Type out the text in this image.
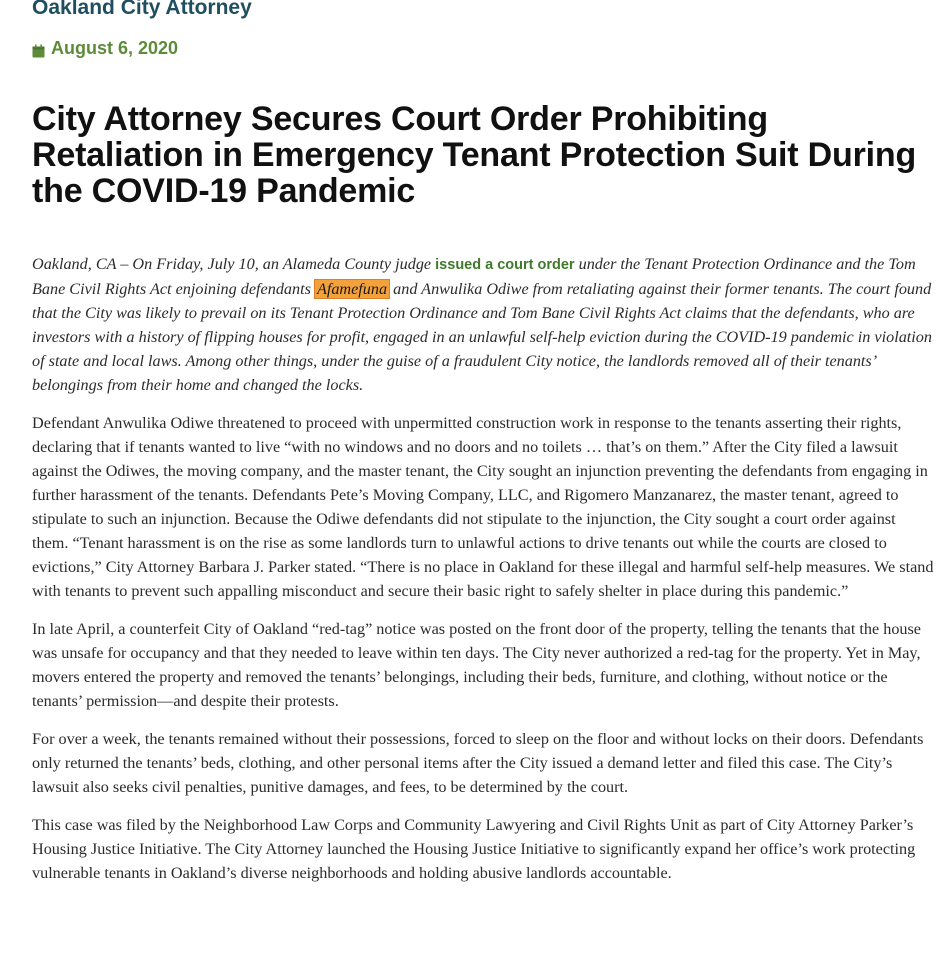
Oakland City Attorney
August 6, 2020
City Attorney Secures Court Order Prohibiting Retaliation in Emergency Tenant Protection Suit During the COVID-19 Pandemic

Oakland, CA – On Friday, July 10, an Alameda County judge issued a court order under the Tenant Protection Ordinance and the Tom Bane Civil Rights Act enjoining defendants Afamefuna and Anwulika Odiwe from retaliating against their former tenants. The court found that the City was likely to prevail on its Tenant Protection Ordinance and Tom Bane Civil Rights Act claims that the defendants, who are investors with a history of flipping houses for profit, engaged in an unlawful self-help eviction during the COVID-19 pandemic in violation of state and local laws. Among other things, under the guise of a fraudulent City notice, the landlords removed all of their tenants’ belongings from their home and changed the locks.

Defendant Anwulika Odiwe threatened to proceed with unpermitted construction work in response to the tenants asserting their rights, declaring that if tenants wanted to live “with no windows and no doors and no toilets … that’s on them.” After the City filed a lawsuit against the Odiwes, the moving company, and the master tenant, the City sought an injunction preventing the defendants from engaging in further harassment of the tenants. Defendants Pete’s Moving Company, LLC, and Rigomero Manzanarez, the master tenant, agreed to stipulate to such an injunction. Because the Odiwe defendants did not stipulate to the injunction, the City sought a court order against them. “Tenant harassment is on the rise as some landlords turn to unlawful actions to drive tenants out while the courts are closed to evictions,” City Attorney Barbara J. Parker stated. “There is no place in Oakland for these illegal and harmful self-help measures. We stand with tenants to prevent such appalling misconduct and secure their basic right to safely shelter in place during this pandemic.”

In late April, a counterfeit City of Oakland “red-tag” notice was posted on the front door of the property, telling the tenants that the house was unsafe for occupancy and that they needed to leave within ten days. The City never authorized a red-tag for the property. Yet in May, movers entered the property and removed the tenants’ belongings, including their beds, furniture, and clothing, without notice or the tenants’ permission—and despite their protests.

For over a week, the tenants remained without their possessions, forced to sleep on the floor and without locks on their doors. Defendants only returned the tenants’ beds, clothing, and other personal items after the City issued a demand letter and filed this case. The City’s lawsuit also seeks civil penalties, punitive damages, and fees, to be determined by the court.

This case was filed by the Neighborhood Law Corps and Community Lawyering and Civil Rights Unit as part of City Attorney Parker’s Housing Justice Initiative. The City Attorney launched the Housing Justice Initiative to significantly expand her office’s work protecting vulnerable tenants in Oakland’s diverse neighborhoods and holding abusive landlords accountable.
